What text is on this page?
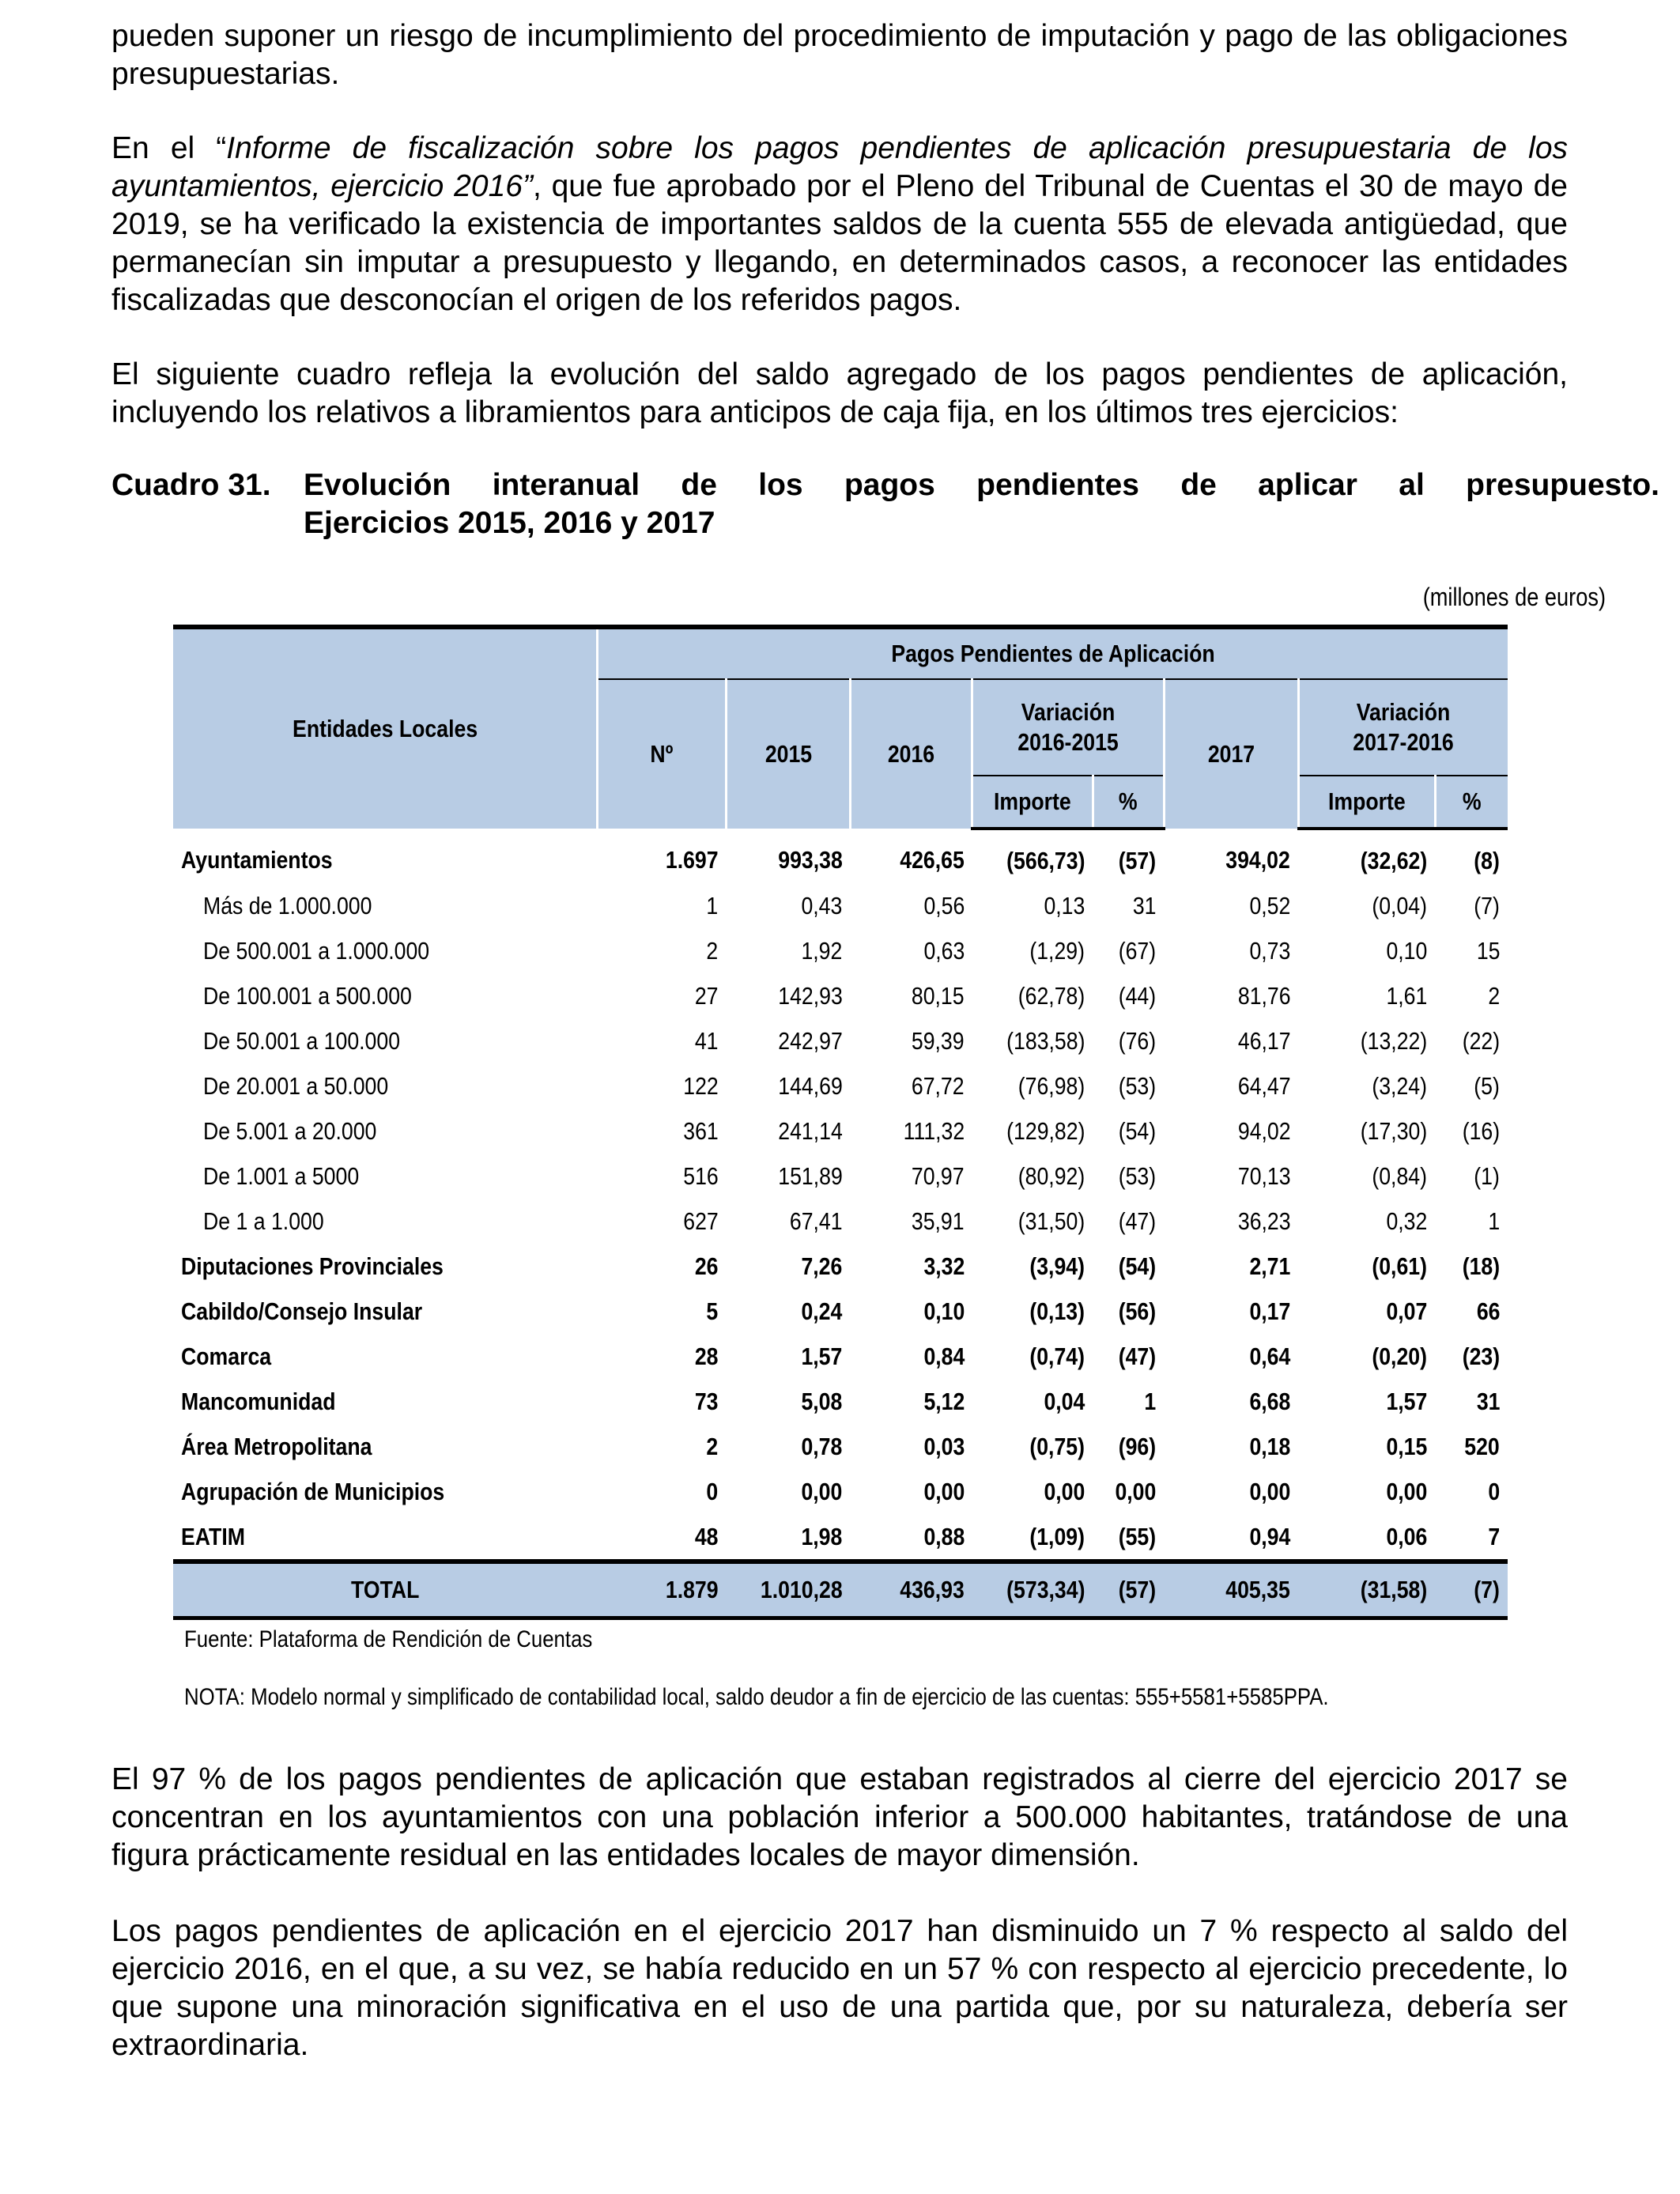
pueden suponer un riesgo de incumplimiento del procedimiento de imputación y pago de las obligaciones presupuestarias.

En el “Informe de fiscalización sobre los pagos pendientes de aplicación presupuestaria de los ayuntamientos, ejercicio 2016”, que fue aprobado por el Pleno del Tribunal de Cuentas el 30 de mayo de 2019, se ha verificado la existencia de importantes saldos de la cuenta 555 de elevada antigüedad, que permanecían sin imputar a presupuesto y llegando, en determinados casos, a reconocer las entidades fiscalizadas que desconocían el origen de los referidos pagos.

El siguiente cuadro refleja la evolución del saldo agregado de los pagos pendientes de aplicación, incluyendo los relativos a libramientos para anticipos de caja fija, en los últimos tres ejercicios:

Cuadro 31. Evolución interanual de los pagos pendientes de aplicar al presupuesto.
Ejercicios 2015, 2016 y 2017
(millones de euros)
Entidades Locales	Pagos Pendientes de Aplicación							
	Nº	2015	2016	Variación 2016-2015		2017	Variación 2017-2016	
				Importe	%		Importe	%
Ayuntamientos	1.697	993,38	426,65	(566,73)	(57)	394,02	(32,62)	(8)
Más de 1.000.000	1	0,43	0,56	0,13	31	0,52	(0,04)	(7)
De 500.001 a 1.000.000	2	1,92	0,63	(1,29)	(67)	0,73	0,10	15
De 100.001 a 500.000	27	142,93	80,15	(62,78)	(44)	81,76	1,61	2
De 50.001 a 100.000	41	242,97	59,39	(183,58)	(76)	46,17	(13,22)	(22)
De 20.001 a 50.000	122	144,69	67,72	(76,98)	(53)	64,47	(3,24)	(5)
De 5.001 a 20.000	361	241,14	111,32	(129,82)	(54)	94,02	(17,30)	(16)
De 1.001 a 5000	516	151,89	70,97	(80,92)	(53)	70,13	(0,84)	(1)
De 1 a 1.000	627	67,41	35,91	(31,50)	(47)	36,23	0,32	1
Diputaciones Provinciales	26	7,26	3,32	(3,94)	(54)	2,71	(0,61)	(18)
Cabildo/Consejo Insular	5	0,24	0,10	(0,13)	(56)	0,17	0,07	66
Comarca	28	1,57	0,84	(0,74)	(47)	0,64	(0,20)	(23)
Mancomunidad	73	5,08	5,12	0,04	1	6,68	1,57	31
Área Metropolitana	2	0,78	0,03	(0,75)	(96)	0,18	0,15	520
Agrupación de Municipios	0	0,00	0,00	0,00	0,00	0,00	0,00	0
EATIM	48	1,98	0,88	(1,09)	(55)	0,94	0,06	7
TOTAL	1.879	1.010,28	436,93	(573,34)	(57)	405,35	(31,58)	(7)
Fuente: Plataforma de Rendición de Cuentas
NOTA: Modelo normal y simplificado de contabilidad local, saldo deudor a fin de ejercicio de las cuentas: 555+5581+5585PPA.

El 97 % de los pagos pendientes de aplicación que estaban registrados al cierre del ejercicio 2017 se concentran en los ayuntamientos con una población inferior a 500.000 habitantes, tratándose de una figura prácticamente residual en las entidades locales de mayor dimensión.

Los pagos pendientes de aplicación en el ejercicio 2017 han disminuido un 7 % respecto al saldo del ejercicio 2016, en el que, a su vez, se había reducido en un 57 % con respecto al ejercicio precedente, lo que supone una minoración significativa en el uso de una partida que, por su naturaleza, debería ser extraordinaria.
